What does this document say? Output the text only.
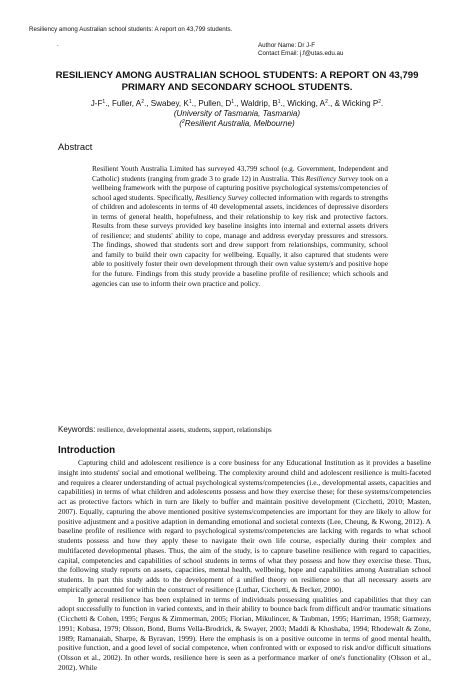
Resiliency among Australian school students: A report on 43,799 students.
.	Author Name: Dr J-F
Contact Email: j.f@utas.edu.au
RESILIENCY AMONG AUSTRALIAN SCHOOL STUDENTS: A REPORT ON 43,799 PRIMARY AND SECONDARY SCHOOL STUDENTS.
$J-F^1$., Fuller, $A^2$., Swabey, $K^1$., Pullen, $D^1$., Waldrip, $B^1$., Wicking, $A^2$., & Wicking $P^2$.
(University of Tasmania, Tasmania)
($^2$Resilient Australia, Melbourne)
Abstract

Resilient Youth Australia Limited has surveyed 43,799 school (e.g. Government, Independent and Catholic) students (ranging from grade 3 to grade 12) in Australia. This Resiliency Survey took on a wellbeing framework with the purpose of capturing positive psychological systems/competencies of school aged students. Specifically, Resiliency Survey collected information with regards to strengths of children and adolescents in terms of 40 developmental assets, incidences of depressive disorders in terms of general health, hopefulness, and their relationship to key risk and protective factors. Results from these surveys provided key baseline insights into internal and external assets drivers of resilience; and students' ability to cope, manage and address everyday pressures and stressors. The findings, showed that students sort and drew support from relationships, community, school and family to build their own capacity for wellbeing. Equally, it also captured that students were able to positively foster their own development through their own value system/s and positive hope for the future. Findings from this study provide a baseline profile of resilience; which schools and agencies can use to inform their own practice and policy.

Keywords: resilience, developmental assets, students, support, relationships
Introduction

Capturing child and adolescent resilience is a core business for any Educational Institution as it provides a baseline insight into students' social and emotional wellbeing. The complexity around child and adolescent resilience is multi-faceted and requires a clearer understanding of actual psychological systems/competencies (i.e., developmental assets, capacities and capabilities) in terms of what children and adolescents possess and how they exercise these; for these systems/competencies act as protective factors which in turn are likely to buffer and maintain positive development (Cicchetti, 2010; Masten, 2007). Equally, capturing the above mentioned positive systems/competencies are important for they are likely to allow for positive adjustment and a positive adaption in demanding emotional and societal contexts (Lee, Cheung, & Kwong, 2012). A baseline profile of resilience with regard to psychological systems/competencies are lacking with regards to what school students possess and how they apply these to navigate their own life course, especially during their complex and multifaceted developmental phases. Thus, the aim of the study, is to capture baseline resilience with regard to capacities, capital, competencies and capabilities of school students in terms of what they possess and how they exercise these. Thus, the following study reports on assets, capacities, mental health, wellbeing, hope and capabilities among Australian school students. In part this study adds to the development of a unified theory on resilience so that all necessary assets are empirically accounted for within the construct of resilience (Luthar, Cicchetti, & Becker, 2000).

In general resilience has been explained in terms of individuals possessing qualities and capabilities that they can adopt successfully to function in varied contexts, and in their ability to bounce back from difficult and/or traumatic situations (Cicchetti & Cohen, 1995; Fergus & Zimmerman, 2005; Florian, Mikulincer, & Taubman, 1995; Harriman, 1958; Garmezy, 1991; Kobasa, 1979; Olsson, Bond, Burns Vella-Brodrick, & Swayer, 2003; Maddi & Khoshaba, 1994; Rhodewalt & Zone, 1989; Ramanaiah, Sharpe, & Byravan, 1999). Here the emphasis is on a positive outcome in terms of good mental health, positive function, and a good level of social competence, when confronted with or exposed to risk and/or difficult situations (Olsson et al., 2002). In other words, resilience here is seen as a performance marker of one's functionality (Olsson et al., 2002). While
